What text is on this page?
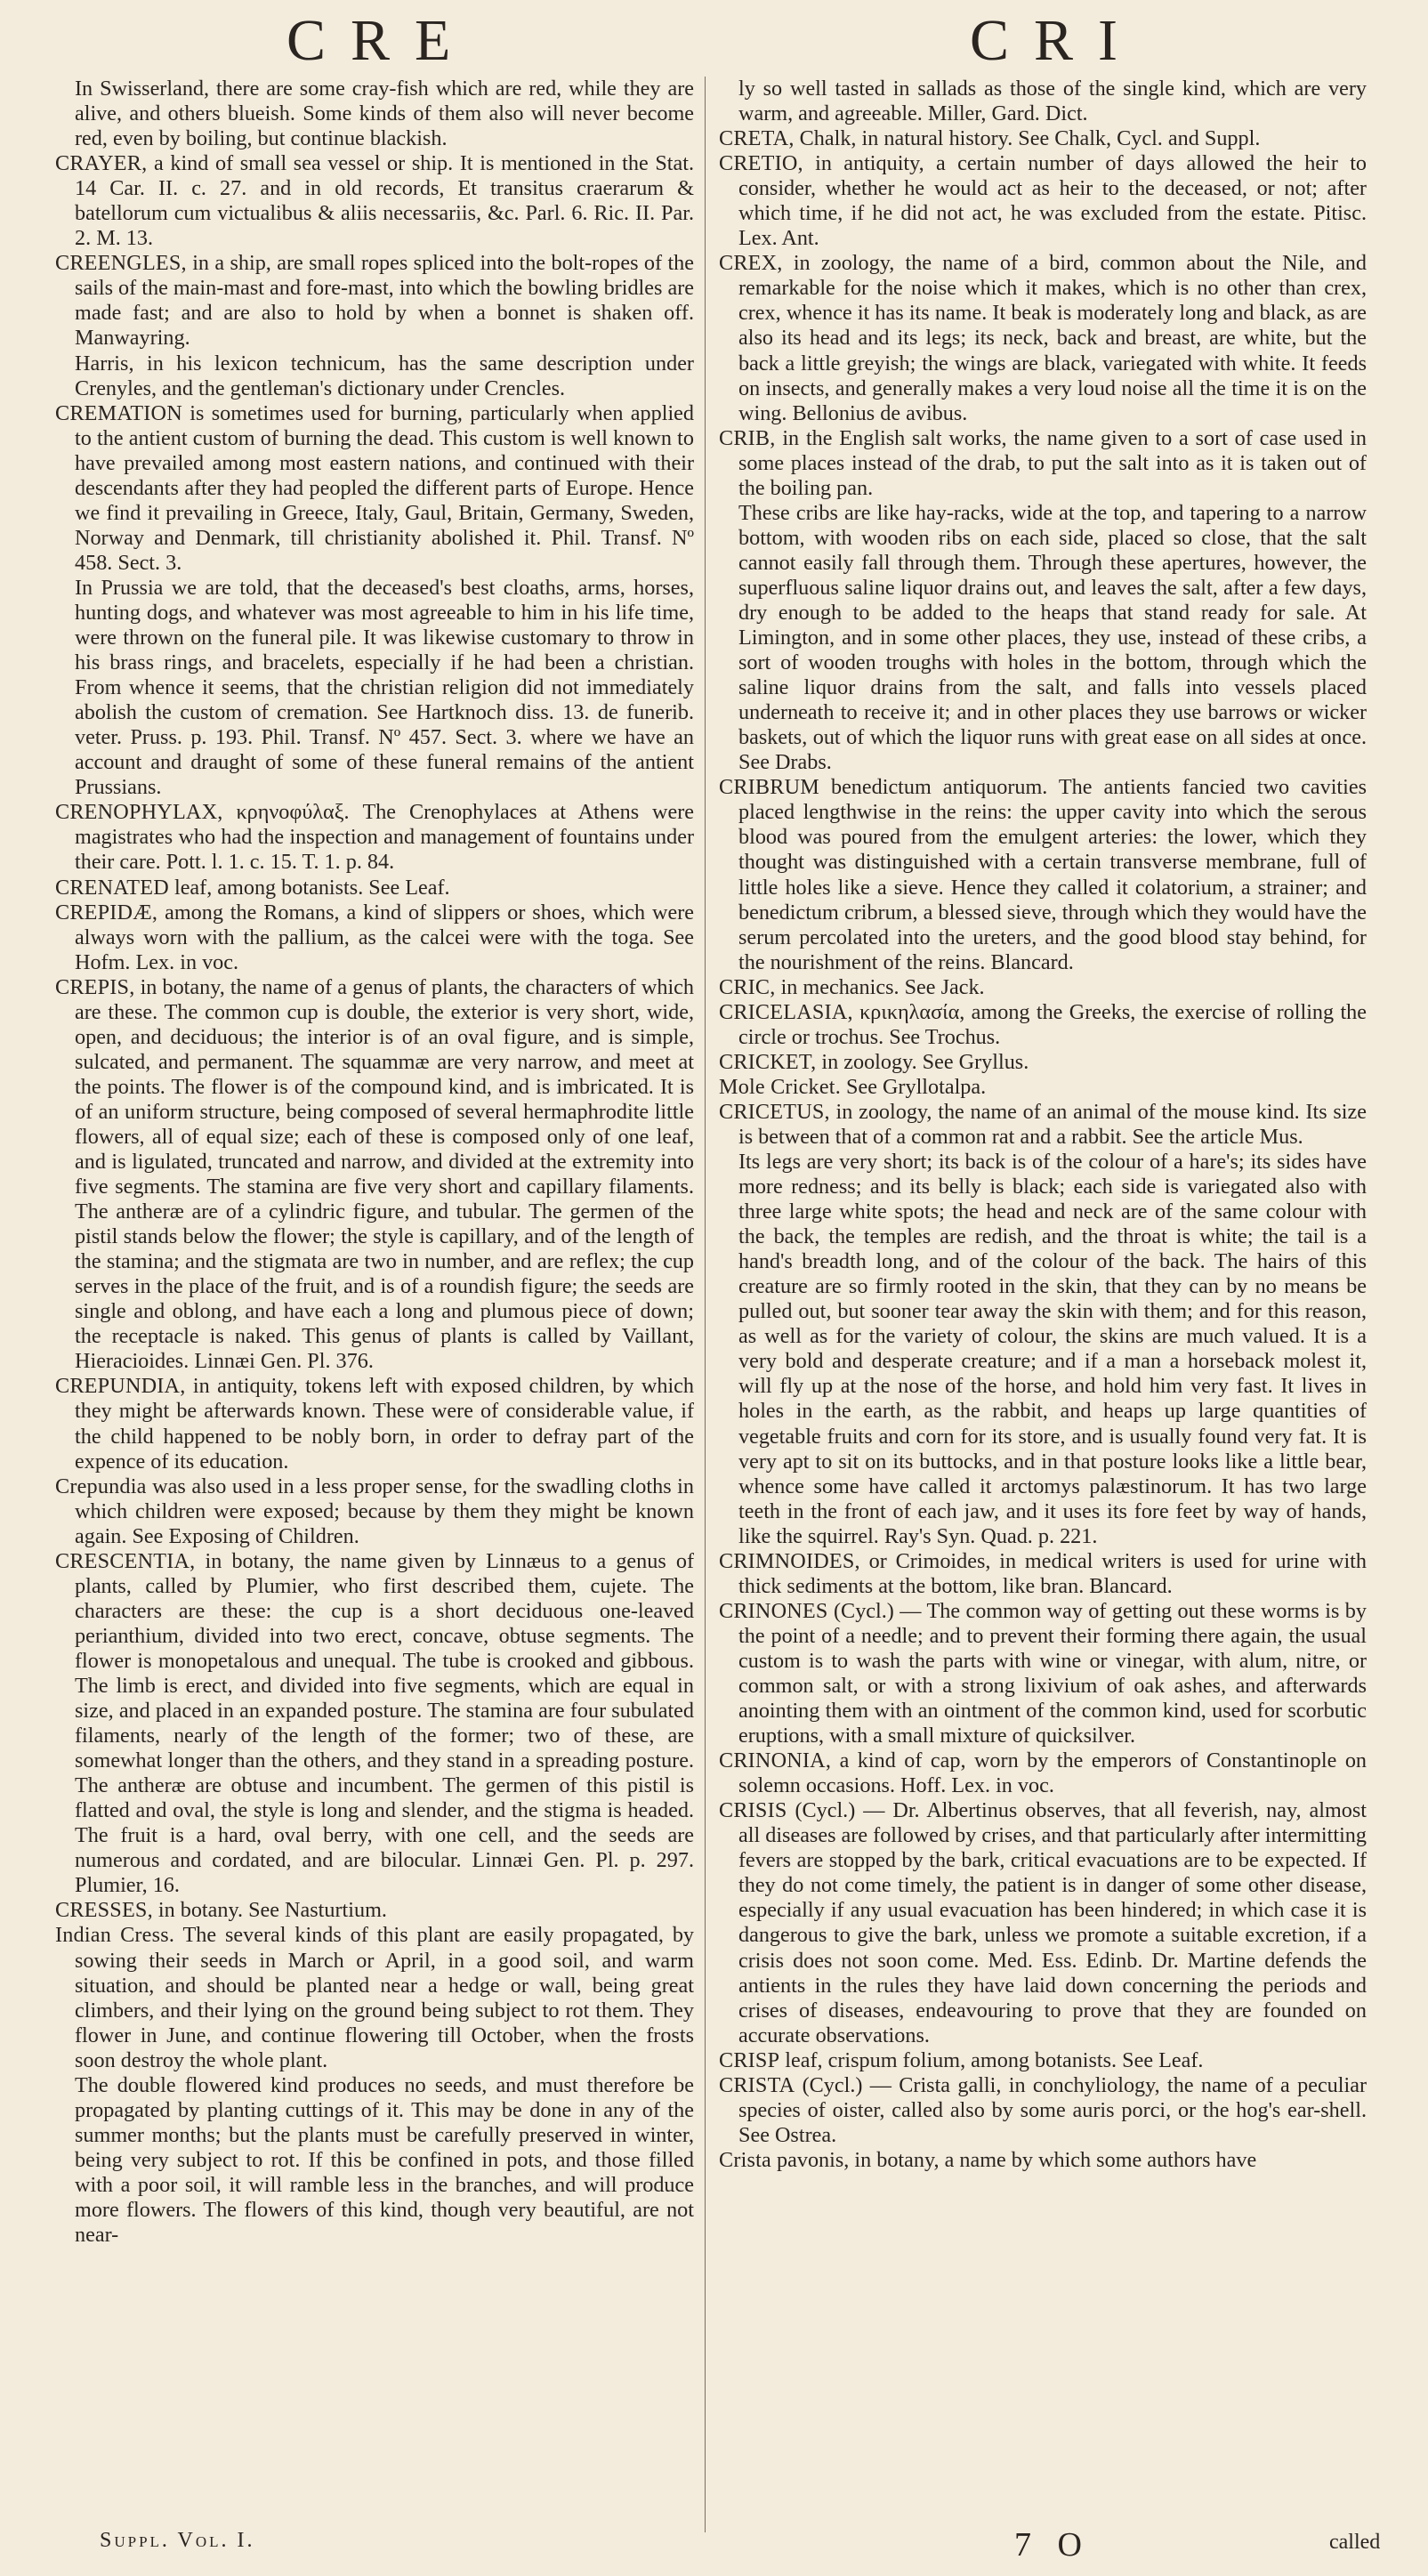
CRE	CRI

In Swisserland, there are some cray-fish which are red, while they are alive, and others blueish. Some kinds of them also will never become red, even by boiling, but continue blackish.

CRAYER, a kind of small sea vessel or ship. It is mentioned in the Stat. 14 Car. II. c. 27. and in old records, Et transitus craerarum & batellorum cum victualibus & aliis necessariis, &c. Parl. 6. Ric. II. Par. 2. M. 13.

CREENGLES, in a ship, are small ropes spliced into the bolt-ropes of the sails of the main-mast and fore-mast, into which the bowling bridles are made fast; and are also to hold by when a bonnet is shaken off. Manwayring.

Harris, in his lexicon technicum, has the same description under Crenyles, and the gentleman's dictionary under Crencles.

CREMATION is sometimes used for burning, particularly when applied to the antient custom of burning the dead. This custom is well known to have prevailed among most eastern nations, and continued with their descendants after they had peopled the different parts of Europe. Hence we find it prevailing in Greece, Italy, Gaul, Britain, Germany, Sweden, Norway and Denmark, till christianity abolished it. Phil. Transf. Nº 458. Sect. 3.

In Prussia we are told, that the deceased's best cloaths, arms, horses, hunting dogs, and whatever was most agreeable to him in his life time, were thrown on the funeral pile. It was likewise customary to throw in his brass rings, and bracelets, especially if he had been a christian. From whence it seems, that the christian religion did not immediately abolish the custom of cremation. See Hartknoch diss. 13. de funerib. veter. Pruss. p. 193. Phil. Transf. Nº 457. Sect. 3. where we have an account and draught of some of these funeral remains of the antient Prussians.

CRENOPHYLAX, κρηνοφύλαξ. The Crenophylaces at Athens were magistrates who had the inspection and management of fountains under their care. Pott. l. 1. c. 15. T. 1. p. 84.

CRENATED leaf, among botanists. See Leaf.

CREPIDÆ, among the Romans, a kind of slippers or shoes, which were always worn with the pallium, as the calcei were with the toga. See Hofm. Lex. in voc.

CREPIS, in botany, the name of a genus of plants, the characters of which are these. The common cup is double, the exterior is very short, wide, open, and deciduous; the interior is of an oval figure, and is simple, sulcated, and permanent. The squammæ are very narrow, and meet at the points. The flower is of the compound kind, and is imbricated. It is of an uniform structure, being composed of several hermaphrodite little flowers, all of equal size; each of these is composed only of one leaf, and is ligulated, truncated and narrow, and divided at the extremity into five segments. The stamina are five very short and capillary filaments. The antheræ are of a cylindric figure, and tubular. The germen of the pistil stands below the flower; the style is capillary, and of the length of the stamina; and the stigmata are two in number, and are reflex; the cup serves in the place of the fruit, and is of a roundish figure; the seeds are single and oblong, and have each a long and plumous piece of down; the receptacle is naked. This genus of plants is called by Vaillant, Hieracioides. Linnæi Gen. Pl. 376.

CREPUNDIA, in antiquity, tokens left with exposed children, by which they might be afterwards known. These were of considerable value, if the child happened to be nobly born, in order to defray part of the expence of its education.

Crepundia was also used in a less proper sense, for the swadling cloths in which children were exposed; because by them they might be known again. See Exposing of Children.

CRESCENTIA, in botany, the name given by Linnæus to a genus of plants, called by Plumier, who first described them, cujete. The characters are these: the cup is a short deciduous one-leaved perianthium, divided into two erect, concave, obtuse segments. The flower is monopetalous and unequal. The tube is crooked and gibbous. The limb is erect, and divided into five segments, which are equal in size, and placed in an expanded posture. The stamina are four subulated filaments, nearly of the length of the former; two of these, are somewhat longer than the others, and they stand in a spreading posture. The antheræ are obtuse and incumbent. The germen of this pistil is flatted and oval, the style is long and slender, and the stigma is headed. The fruit is a hard, oval berry, with one cell, and the seeds are numerous and cordated, and are bilocular. Linnæi Gen. Pl. p. 297. Plumier, 16.

CRESSES, in botany. See Nasturtium.

Indian Cress. The several kinds of this plant are easily propagated, by sowing their seeds in March or April, in a good soil, and warm situation, and should be planted near a hedge or wall, being great climbers, and their lying on the ground being subject to rot them. They flower in June, and continue flowering till October, when the frosts soon destroy the whole plant.

The double flowered kind produces no seeds, and must therefore be propagated by planting cuttings of it. This may be done in any of the summer months; but the plants must be carefully preserved in winter, being very subject to rot. If this be confined in pots, and those filled with a poor soil, it will ramble less in the branches, and will produce more flowers. The flowers of this kind, though very beautiful, are not near-

ly so well tasted in sallads as those of the single kind, which are very warm, and agreeable. Miller, Gard. Dict.

CRETA, Chalk, in natural history. See Chalk, Cycl. and Suppl.

CRETIO, in antiquity, a certain number of days allowed the heir to consider, whether he would act as heir to the deceased, or not; after which time, if he did not act, he was excluded from the estate. Pitisc. Lex. Ant.

CREX, in zoology, the name of a bird, common about the Nile, and remarkable for the noise which it makes, which is no other than crex, crex, whence it has its name. It beak is moderately long and black, as are also its head and its legs; its neck, back and breast, are white, but the back a little greyish; the wings are black, variegated with white. It feeds on insects, and generally makes a very loud noise all the time it is on the wing. Bellonius de avibus.

CRIB, in the English salt works, the name given to a sort of case used in some places instead of the drab, to put the salt into as it is taken out of the boiling pan.

These cribs are like hay-racks, wide at the top, and tapering to a narrow bottom, with wooden ribs on each side, placed so close, that the salt cannot easily fall through them. Through these apertures, however, the superfluous saline liquor drains out, and leaves the salt, after a few days, dry enough to be added to the heaps that stand ready for sale. At Limington, and in some other places, they use, instead of these cribs, a sort of wooden troughs with holes in the bottom, through which the saline liquor drains from the salt, and falls into vessels placed underneath to receive it; and in other places they use barrows or wicker baskets, out of which the liquor runs with great ease on all sides at once. See Drabs.

CRIBRUM benedictum antiquorum. The antients fancied two cavities placed lengthwise in the reins: the upper cavity into which the serous blood was poured from the emulgent arteries: the lower, which they thought was distinguished with a certain transverse membrane, full of little holes like a sieve. Hence they called it colatorium, a strainer; and benedictum cribrum, a blessed sieve, through which they would have the serum percolated into the ureters, and the good blood stay behind, for the nourishment of the reins. Blancard.

CRIC, in mechanics. See Jack.

CRICELASIA, κρικηλασία, among the Greeks, the exercise of rolling the circle or trochus. See Trochus.

CRICKET, in zoology. See Gryllus.

Mole Cricket. See Gryllotalpa.

CRICETUS, in zoology, the name of an animal of the mouse kind. Its size is between that of a common rat and a rabbit. See the article Mus.

Its legs are very short; its back is of the colour of a hare's; its sides have more redness; and its belly is black; each side is variegated also with three large white spots; the head and neck are of the same colour with the back, the temples are redish, and the throat is white; the tail is a hand's breadth long, and of the colour of the back. The hairs of this creature are so firmly rooted in the skin, that they can by no means be pulled out, but sooner tear away the skin with them; and for this reason, as well as for the variety of colour, the skins are much valued. It is a very bold and desperate creature; and if a man a horseback molest it, will fly up at the nose of the horse, and hold him very fast. It lives in holes in the earth, as the rabbit, and heaps up large quantities of vegetable fruits and corn for its store, and is usually found very fat. It is very apt to sit on its buttocks, and in that posture looks like a little bear, whence some have called it arctomys palæstinorum. It has two large teeth in the front of each jaw, and it uses its fore feet by way of hands, like the squirrel. Ray's Syn. Quad. p. 221.

CRIMNOIDES, or Crimoides, in medical writers is used for urine with thick sediments at the bottom, like bran. Blancard.

CRINONES (Cycl.) — The common way of getting out these worms is by the point of a needle; and to prevent their forming there again, the usual custom is to wash the parts with wine or vinegar, with alum, nitre, or common salt, or with a strong lixivium of oak ashes, and afterwards anointing them with an ointment of the common kind, used for scorbutic eruptions, with a small mixture of quicksilver.

CRINONIA, a kind of cap, worn by the emperors of Constantinople on solemn occasions. Hoff. Lex. in voc.

CRISIS (Cycl.) — Dr. Albertinus observes, that all feverish, nay, almost all diseases are followed by crises, and that particularly after intermitting fevers are stopped by the bark, critical evacuations are to be expected. If they do not come timely, the patient is in danger of some other disease, especially if any usual evacuation has been hindered; in which case it is dangerous to give the bark, unless we promote a suitable excretion, if a crisis does not soon come. Med. Ess. Edinb. Dr. Martine defends the antients in the rules they have laid down concerning the periods and crises of diseases, endeavouring to prove that they are founded on accurate observations.

CRISP leaf, crispum folium, among botanists. See Leaf.

CRISTA (Cycl.) — Crista galli, in conchyliology, the name of a peculiar species of oister, called also by some auris porci, or the hog's ear-shell. See Ostrea.

Crista pavonis, in botany, a name by which some authors have

Suppl. Vol. I.	7 O	called
